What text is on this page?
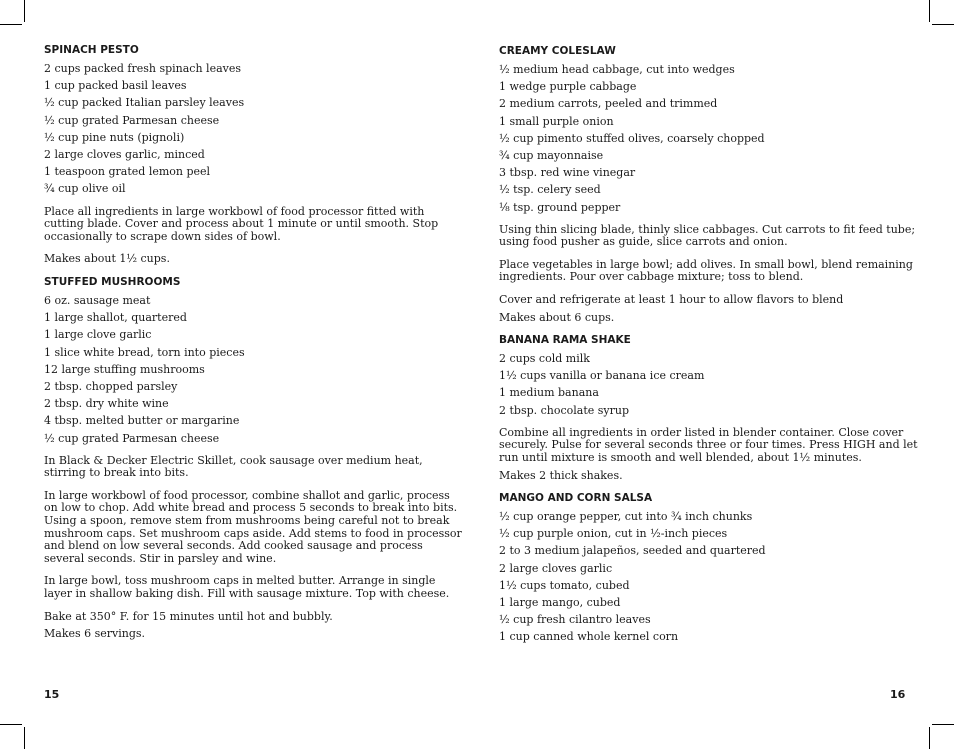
SPINACH PESTO
2 cups packed fresh spinach leaves
1 cup packed basil leaves
½ cup packed Italian parsley leaves
½ cup grated Parmesan cheese
½ cup pine nuts (pignoli)
2 large cloves garlic, minced
1 teaspoon grated lemon peel
¾ cup olive oil
Place all ingredients in large workbowl of food processor fitted with cutting blade. Cover and process about 1 minute or until smooth. Stop occasionally to scrape down sides of bowl.
Makes about 1½ cups.
STUFFED MUSHROOMS
6 oz. sausage meat
1 large shallot, quartered
1 large clove garlic
1 slice white bread, torn into pieces
12 large stuffing mushrooms
2 tbsp. chopped parsley
2 tbsp. dry white wine
4 tbsp. melted butter or margarine
½ cup grated Parmesan cheese
In Black & Decker Electric Skillet, cook sausage over medium heat, stirring to break into bits.
In large workbowl of food processor, combine shallot and garlic, process on low to chop. Add white bread and process 5 seconds to break into bits. Using a spoon, remove stem from mushrooms being careful not to break mushroom caps. Set mushroom caps aside. Add stems to food in processor and blend on low several seconds. Add cooked sausage and process several seconds. Stir in parsley and wine.
In large bowl, toss mushroom caps in melted butter. Arrange in single layer in shallow baking dish. Fill with sausage mixture. Top with cheese.
Bake at 350° F. for 15 minutes until hot and bubbly.
Makes 6 servings.
CREAMY COLESLAW
½ medium head cabbage, cut into wedges
1 wedge purple cabbage
2 medium carrots, peeled and trimmed
1 small purple onion
½ cup pimento stuffed olives, coarsely chopped
¾ cup mayonnaise
3 tbsp. red wine vinegar
½ tsp. celery seed
⅛ tsp. ground pepper
Using thin slicing blade, thinly slice cabbages. Cut carrots to fit feed tube; using food pusher as guide, slice carrots and onion.
Place vegetables in large bowl; add olives. In small bowl, blend remaining ingredients. Pour over cabbage mixture; toss to blend.
Cover and refrigerate at least 1 hour to allow flavors to blend
Makes about 6 cups.
BANANA RAMA SHAKE
2 cups cold milk
1½ cups vanilla or banana ice cream
1 medium banana
2 tbsp. chocolate syrup
Combine all ingredients in order listed in blender container. Close cover securely. Pulse for several seconds three or four times. Press HIGH and let run until mixture is smooth and well blended, about 1½ minutes.
Makes 2 thick shakes.
MANGO AND CORN SALSA
½ cup orange pepper, cut into ¾ inch chunks
½ cup purple onion, cut in ½-inch pieces
2 to 3 medium jalapeños, seeded and quartered
2 large cloves garlic
1½ cups tomato, cubed
1 large mango, cubed
½ cup fresh cilantro leaves
1 cup canned whole kernel corn
15	16
